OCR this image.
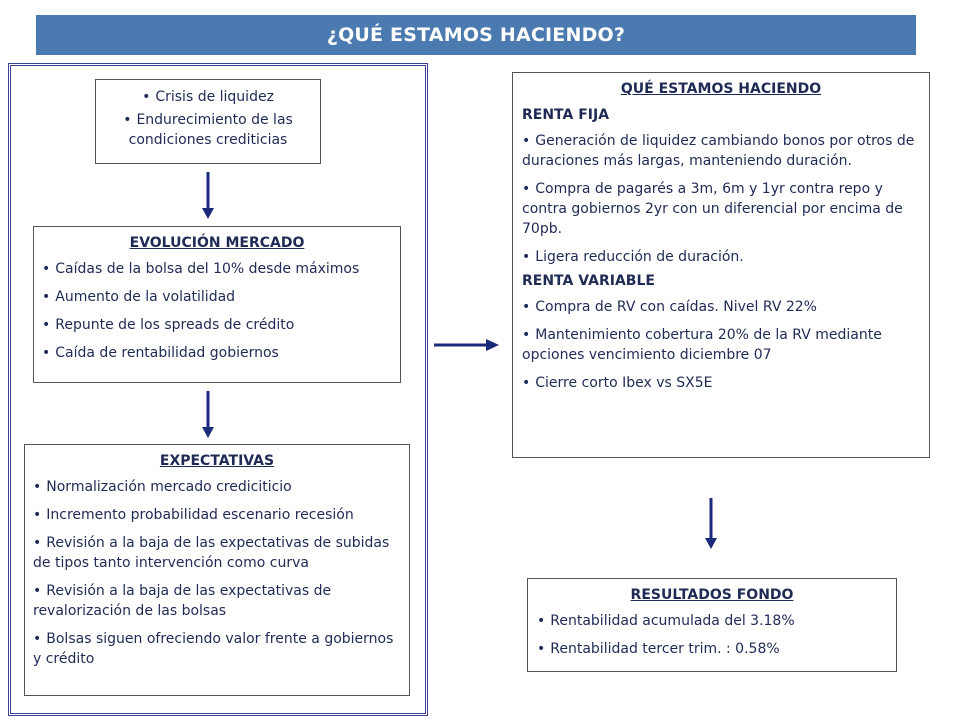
¿QUÉ ESTAMOS HACIENDO?
• Crisis de liquidez
• Endurecimiento de las condiciones crediticias
EVOLUCIÓN MERCADO
• Caídas de la bolsa del 10% desde máximos
• Aumento de la volatilidad
• Repunte de los spreads de crédito
• Caída de rentabilidad gobiernos
EXPECTATIVAS
• Normalización mercado crediciticio
• Incremento probabilidad escenario recesión
• Revisión a la baja de las expectativas de subidas de tipos tanto intervención como curva
• Revisión a la baja de las expectativas de revalorización de las bolsas
• Bolsas siguen ofreciendo valor frente a gobiernos y crédito
QUÉ ESTAMOS HACIENDO
RENTA FIJA
• Generación de liquidez cambiando bonos por otros de duraciones más largas, manteniendo duración.
• Compra de pagarés a 3m, 6m y 1yr contra repo y contra gobiernos 2yr con un diferencial por encima de 70pb.
• Ligera reducción de duración.
RENTA VARIABLE
• Compra de RV con caídas. Nivel RV 22%
• Mantenimiento cobertura 20% de la RV mediante opciones vencimiento diciembre 07
• Cierre corto Ibex vs SX5E
RESULTADOS FONDO
• Rentabilidad acumulada del 3.18%
• Rentabilidad tercer trim. : 0.58%
